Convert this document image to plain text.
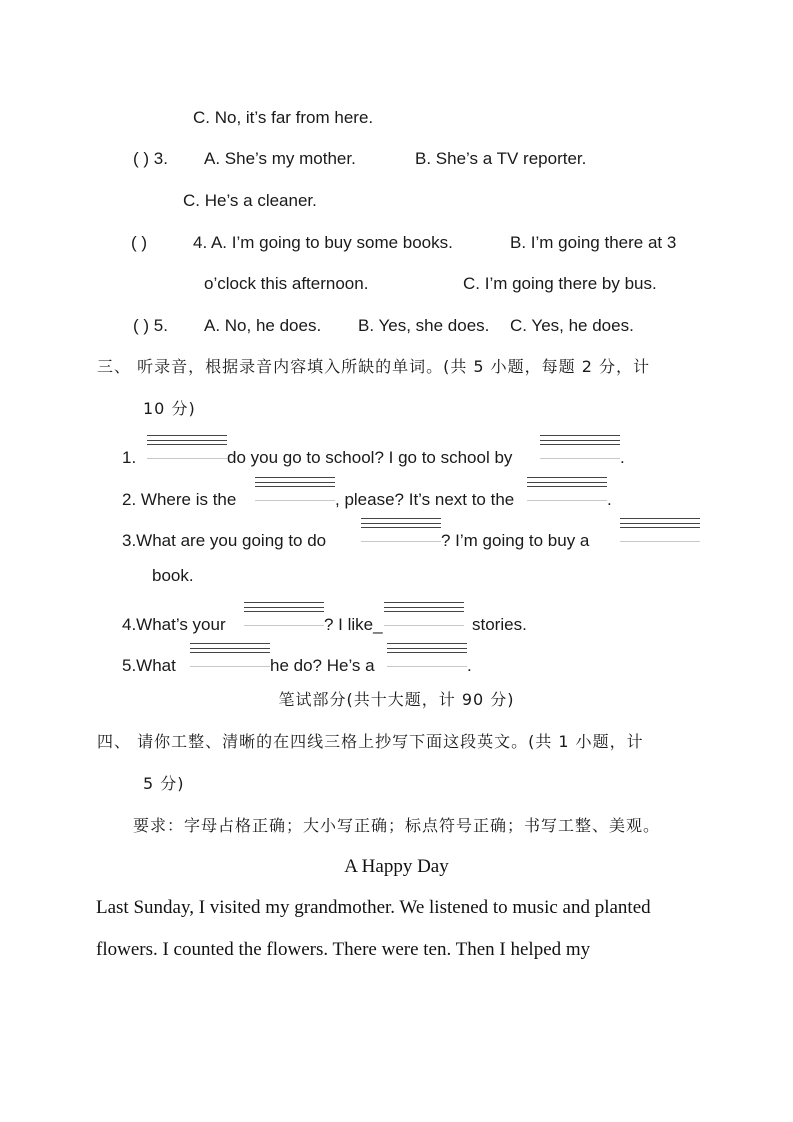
C. No, it’s far from here.
( ) 3. A. She’s my mother.	B. She’s a TV reporter.
C. He’s a cleaner.
( )	4. A. I’m going to buy some books.	B. I’m going there at 3
o’clock this afternoon.	C. I’m going there by bus.
( ) 5. A. No, he does. B. Yes, she does. C. Yes, he does.
三、 听录音，根据录音内容填入所缺的单词。(共 5 小题，每题 2 分，计
10 分)
1.	do you go to school? I go to school by	.
2. Where is the	, please? It’s next to the	.
3.What are you going to do	? I’m going to buy a
book.
4.What’s your	? I like_	stories.
5.What	he do? He’s a	.
笔试部分(共十大题，计 90 分)
四、 请你工整、清晰的在四线三格上抄写下面这段英文。(共 1 小题，计
5 分)
要求：字母占格正确；大小写正确；标点符号正确；书写工整、美观。
A Happy Day
Last Sunday, I visited my grandmother. We listened to music and planted
flowers. I counted the flowers. There were ten. Then I helped my
